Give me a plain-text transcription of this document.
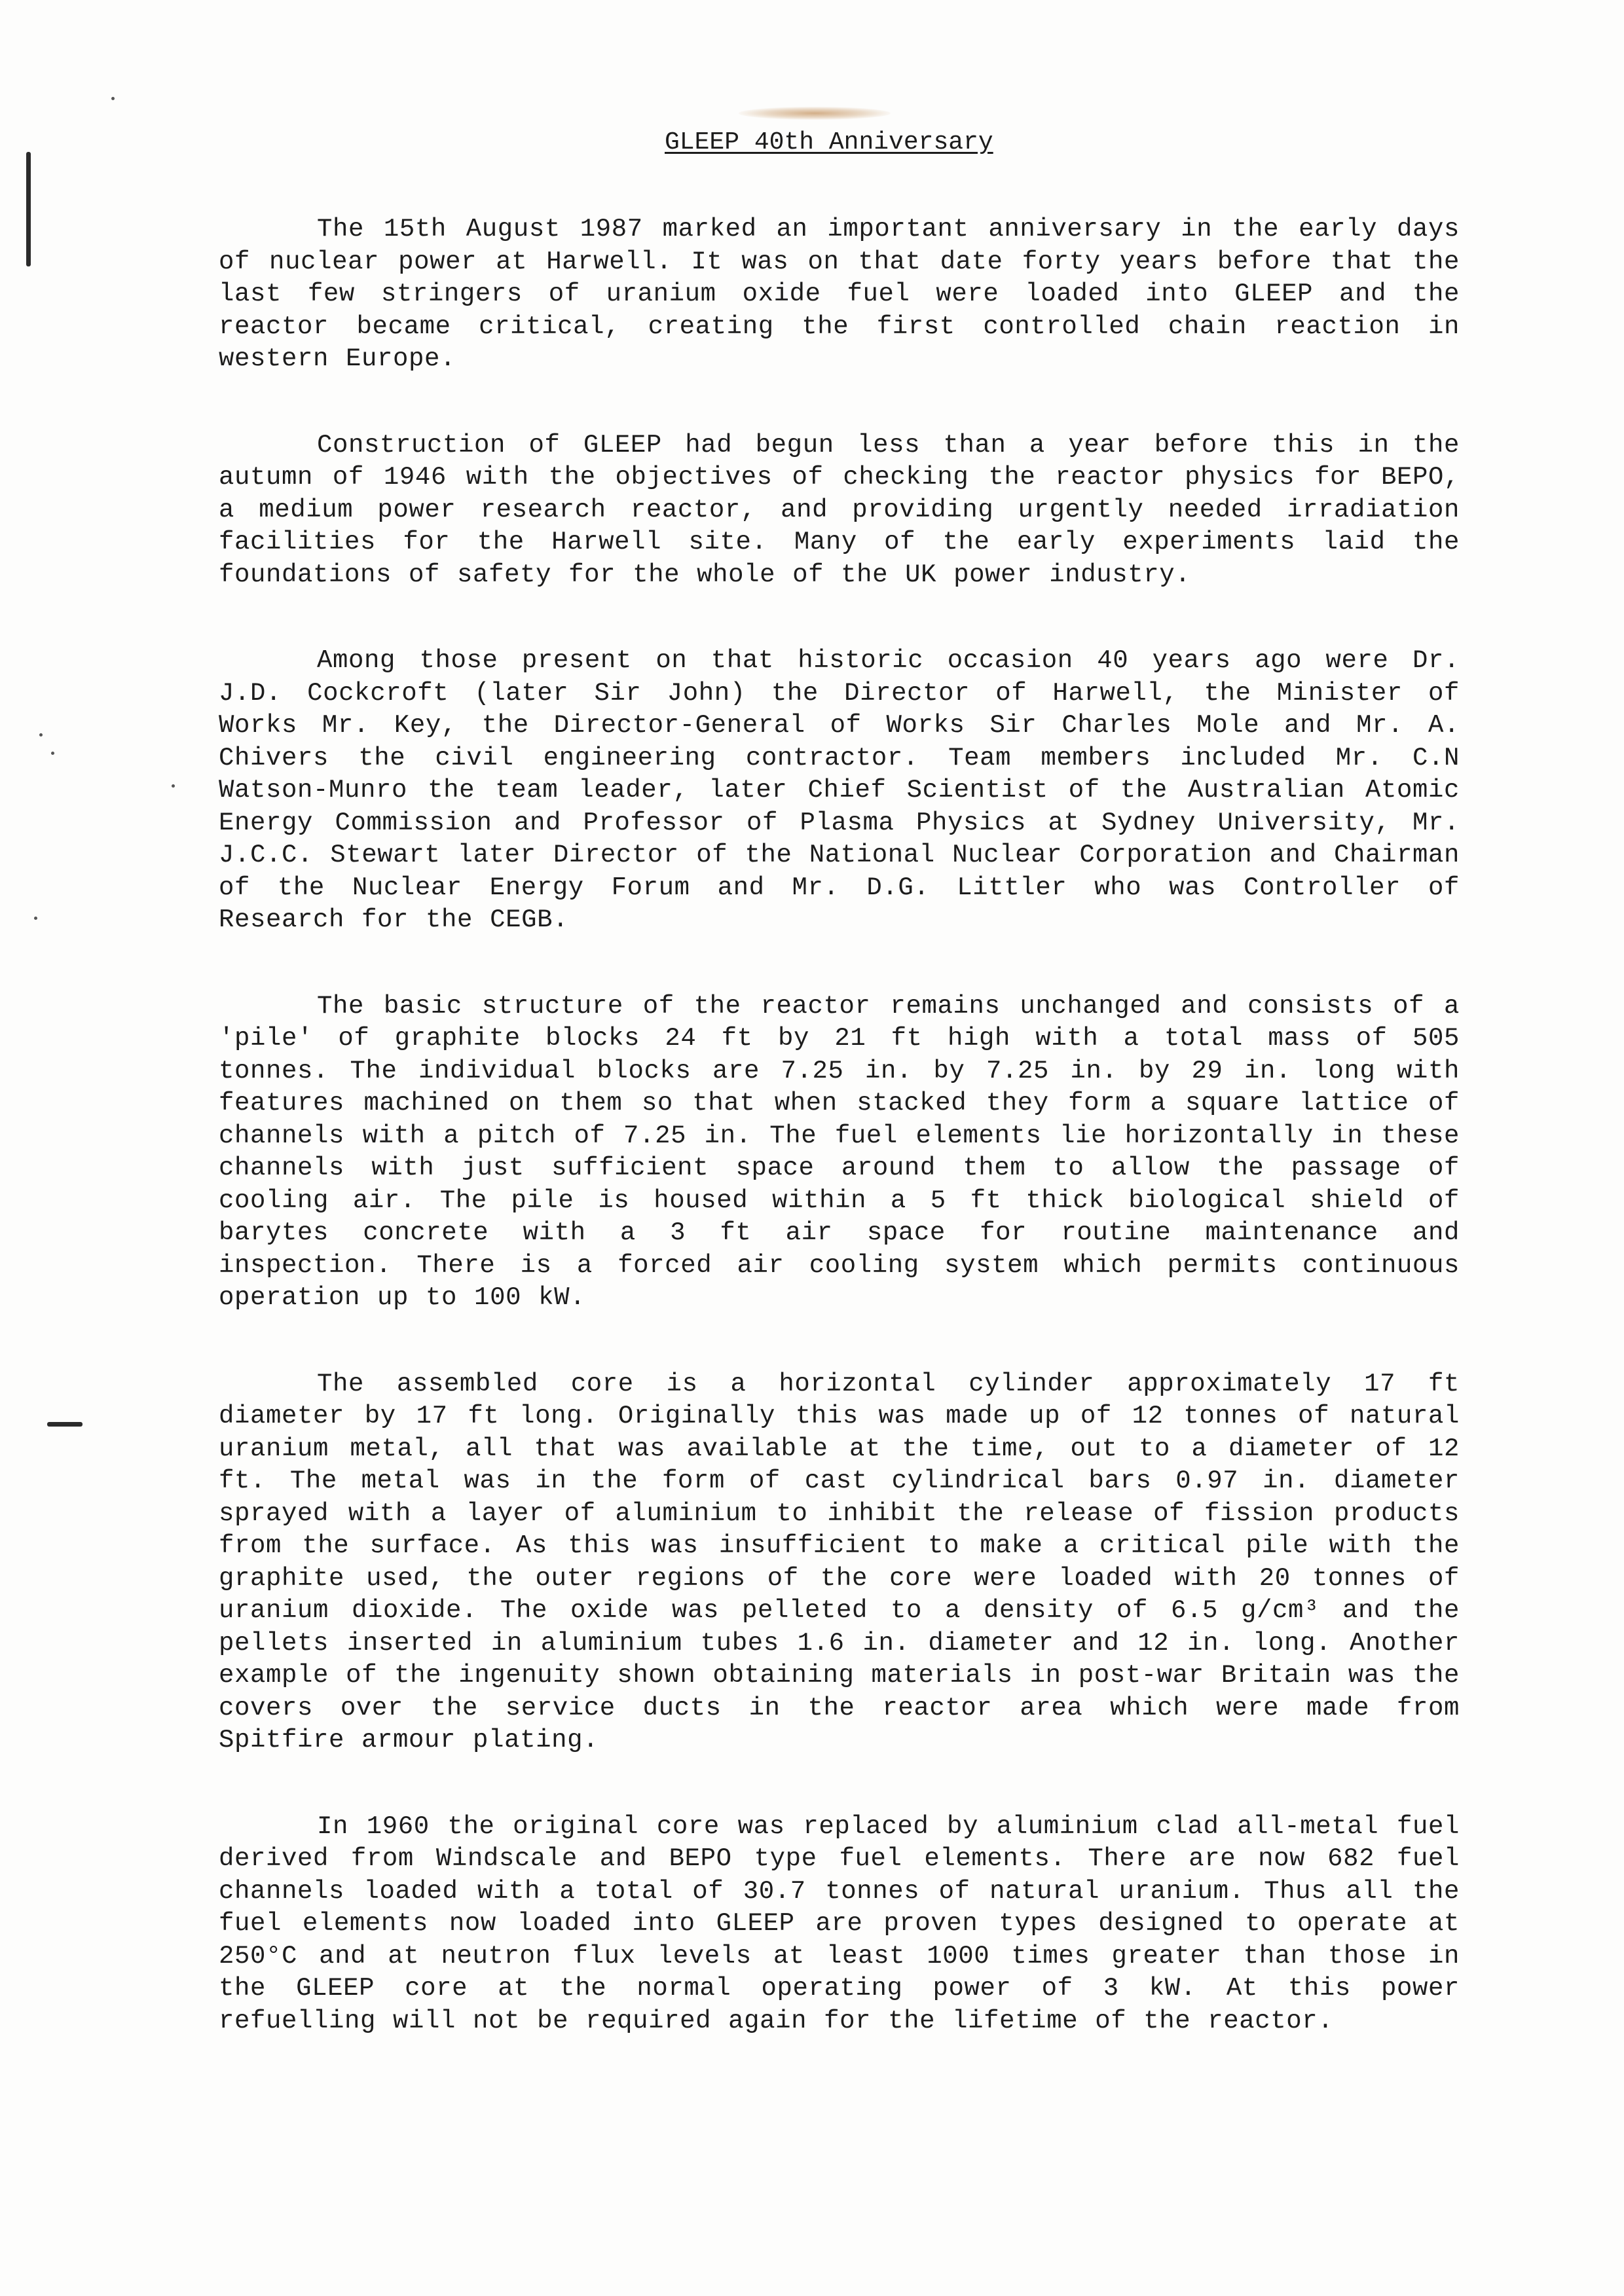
GLEEP 40th Anniversary

The 15th August 1987 marked an important anniversary in the early days of nuclear power at Harwell. It was on that date forty years before that the last few stringers of uranium oxide fuel were loaded into GLEEP and the reactor became critical, creating the first controlled chain reaction in western Europe.

Construction of GLEEP had begun less than a year before this in the autumn of 1946 with the objectives of checking the reactor physics for BEPO, a medium power research reactor, and providing urgently needed irradiation facilities for the Harwell site. Many of the early experiments laid the foundations of safety for the whole of the UK power industry.

Among those present on that historic occasion 40 years ago were Dr. J.D. Cockcroft (later Sir John) the Director of Harwell, the Minister of Works Mr. Key, the Director-General of Works Sir Charles Mole and Mr. A. Chivers the civil engineering contractor. Team members included Mr. C.N Watson-Munro the team leader, later Chief Scientist of the Australian Atomic Energy Commission and Professor of Plasma Physics at Sydney University, Mr. J.C.C. Stewart later Director of the National Nuclear Corporation and Chairman of the Nuclear Energy Forum and Mr. D.G. Littler who was Controller of Research for the CEGB.

The basic structure of the reactor remains unchanged and consists of a 'pile' of graphite blocks 24 ft by 21 ft high with a total mass of 505 tonnes. The individual blocks are 7.25 in. by 7.25 in. by 29 in. long with features machined on them so that when stacked they form a square lattice of channels with a pitch of 7.25 in. The fuel elements lie horizontally in these channels with just sufficient space around them to allow the passage of cooling air. The pile is housed within a 5 ft thick biological shield of barytes concrete with a 3 ft air space for routine maintenance and inspection. There is a forced air cooling system which permits continuous operation up to 100 kW.

The assembled core is a horizontal cylinder approximately 17 ft diameter by 17 ft long. Originally this was made up of 12 tonnes of natural uranium metal, all that was available at the time, out to a diameter of 12 ft. The metal was in the form of cast cylindrical bars 0.97 in. diameter sprayed with a layer of aluminium to inhibit the release of fission products from the surface. As this was insufficient to make a critical pile with the graphite used, the outer regions of the core were loaded with 20 tonnes of uranium dioxide. The oxide was pelleted to a density of 6.5 g/cm³ and the pellets inserted in aluminium tubes 1.6 in. diameter and 12 in. long. Another example of the ingenuity shown obtaining materials in post-war Britain was the covers over the service ducts in the reactor area which were made from Spitfire armour plating.

In 1960 the original core was replaced by aluminium clad all-metal fuel derived from Windscale and BEPO type fuel elements. There are now 682 fuel channels loaded with a total of 30.7 tonnes of natural uranium. Thus all the fuel elements now loaded into GLEEP are proven types designed to operate at 250°C and at neutron flux levels at least 1000 times greater than those in the GLEEP core at the normal operating power of 3 kW. At this power refuelling will not be required again for the lifetime of the reactor.
